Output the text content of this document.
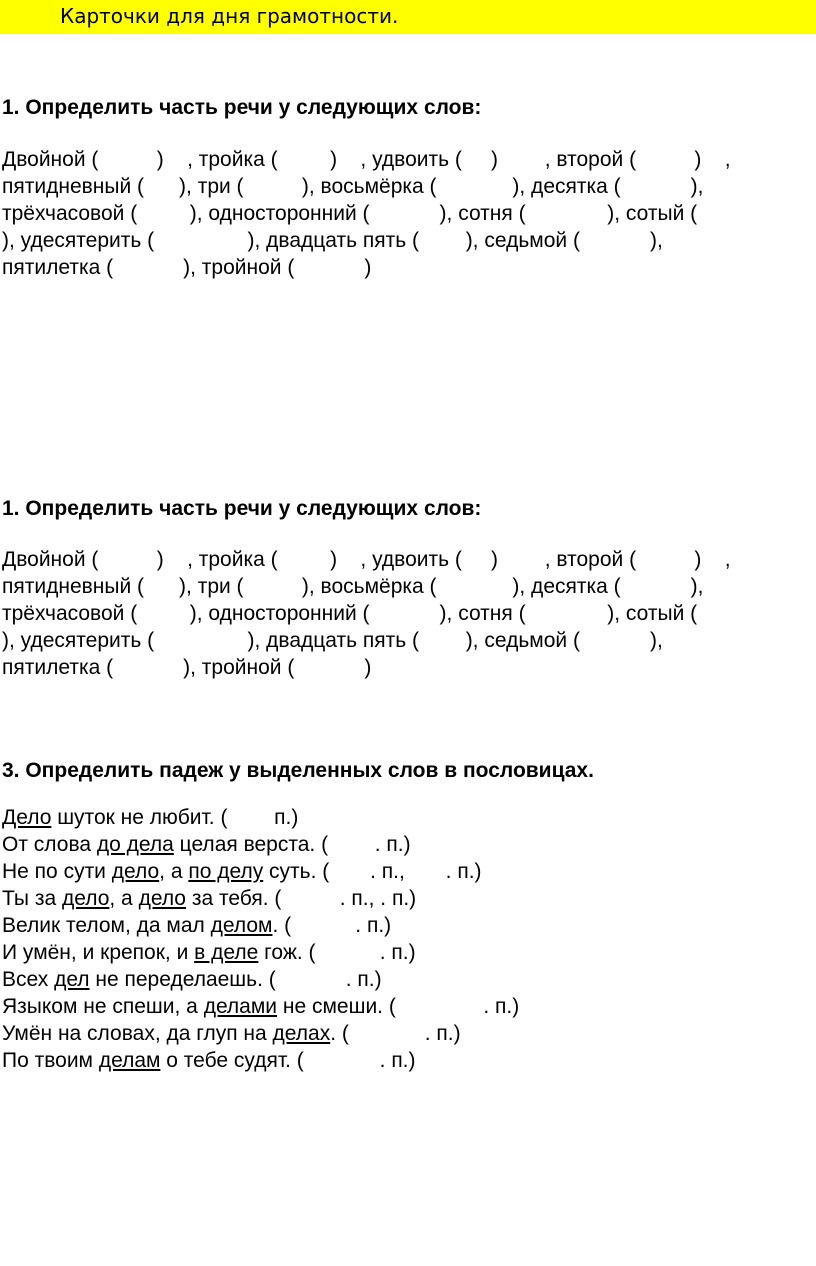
Карточки для дня грамотности.
1. Определить часть речи у следующих слов:
Двойной (          )    , тройка (         )    , удвоить (     )        , второй (          )    ,
пятидневный (      ), три (          ), восьмёрка (             ), десятка (            ),
трёхчасовой (         ), односторонний (            ), сотня (              ), сотый (
), удесятерить (                ), двадцать пять (        ), седьмой (            ),
пятилетка (            ), тройной (            )
1. Определить часть речи у следующих слов:
Двойной (          )    , тройка (         )    , удвоить (     )        , второй (          )    ,
пятидневный (      ), три (          ), восьмёрка (             ), десятка (            ),
трёхчасовой (         ), односторонний (            ), сотня (              ), сотый (
), удесятерить (                ), двадцать пять (        ), седьмой (            ),
пятилетка (            ), тройной (            )
3. Определить падеж у выделенных слов в пословицах.
Дело шуток не любит. (        п.)
От слова до дела целая верста. (        . п.)
Не по сути дело, а по делу суть. (       . п.,       . п.)
Ты за дело, а дело за тебя. (          . п., . п.)
Велик телом, да мал делом. (           . п.)
И умён, и крепок, и в деле гож. (           . п.)
Всех дел не переделаешь. (            . п.)
Языком не спеши, а делами не смеши. (               . п.)
Умён на словах, да глуп на делах. (             . п.)
По твоим делам о тебе судят. (             . п.)
